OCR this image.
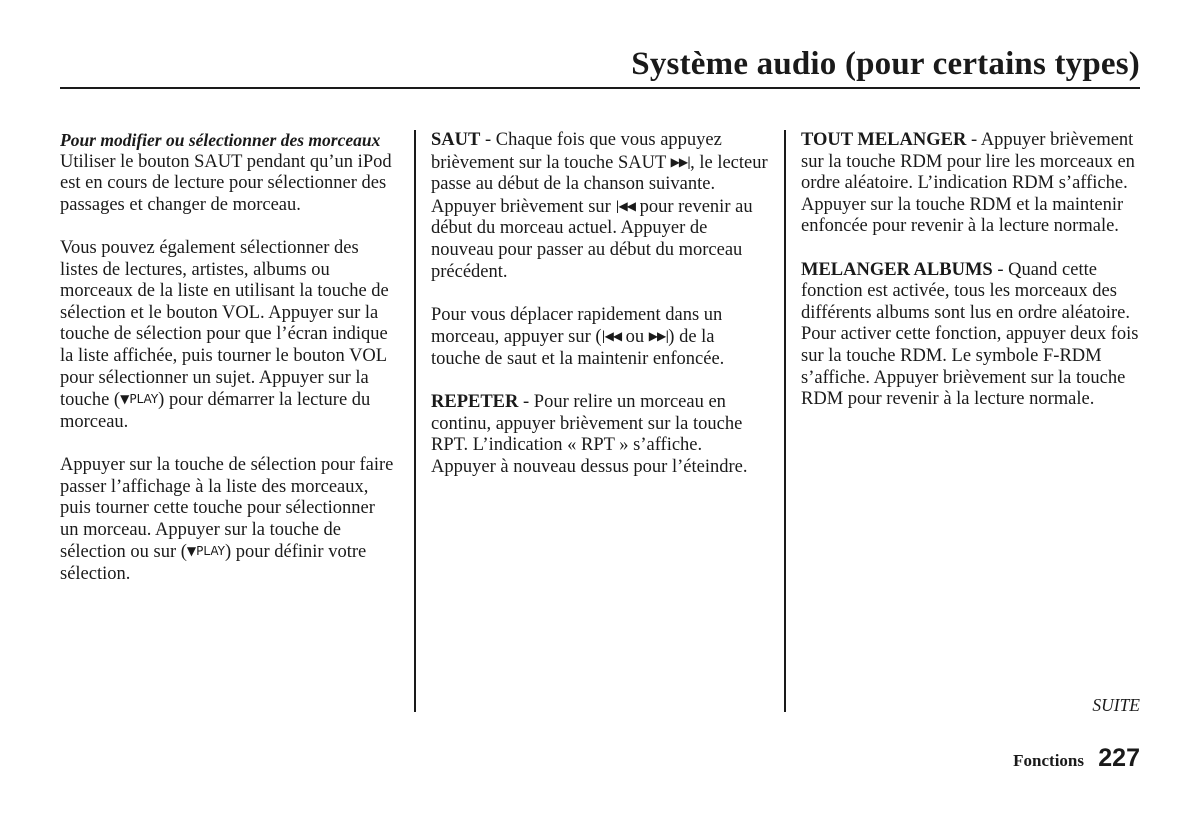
Système audio (pour certains types)
Pour modifier ou sélectionner des morceaux

Utiliser le bouton SAUT pendant qu’un iPod est en cours de lecture pour sélectionner des passages et changer de morceau.

Vous pouvez également sélectionner des listes de lectures, artistes, albums ou morceaux de la liste en utilisant la touche de sélection et le bouton VOL. Appuyer sur la touche de sélection pour que l’écran indique la liste affichée, puis tourner le bouton VOL pour sélectionner un sujet. Appuyer sur la touche (▼PLAY) pour démarrer la lecture du morceau.

Appuyer sur la touche de sélection pour faire passer l’affichage à la liste des morceaux, puis tourner cette touche pour sélectionner un morceau. Appuyer sur la touche de sélection ou sur (▼PLAY) pour définir votre sélection.

SAUT - Chaque fois que vous appuyez brièvement sur la touche SAUT ▶▶|, le lecteur passe au début de la chanson suivante. Appuyer brièvement sur |◀◀ pour revenir au début du morceau actuel. Appuyer de nouveau pour passer au début du morceau précédent.

Pour vous déplacer rapidement dans un morceau, appuyer sur (|◀◀ ou ▶▶|) de la touche de saut et la maintenir enfoncée.

REPETER - Pour relire un morceau en continu, appuyer brièvement sur la touche RPT. L’indication « RPT » s’affiche. Appuyer à nouveau dessus pour l’éteindre.

TOUT MELANGER - Appuyer brièvement sur la touche RDM pour lire les morceaux en ordre aléatoire. L’indication RDM s’affiche. Appuyer sur la touche RDM et la maintenir enfoncée pour revenir à la lecture normale.

MELANGER ALBUMS - Quand cette fonction est activée, tous les morceaux des différents albums sont lus en ordre aléatoire. Pour activer cette fonction, appuyer deux fois sur la touche RDM. Le symbole F-RDM s’affiche. Appuyer brièvement sur la touche RDM pour revenir à la lecture normale.

SUITE
Fonctions 227
